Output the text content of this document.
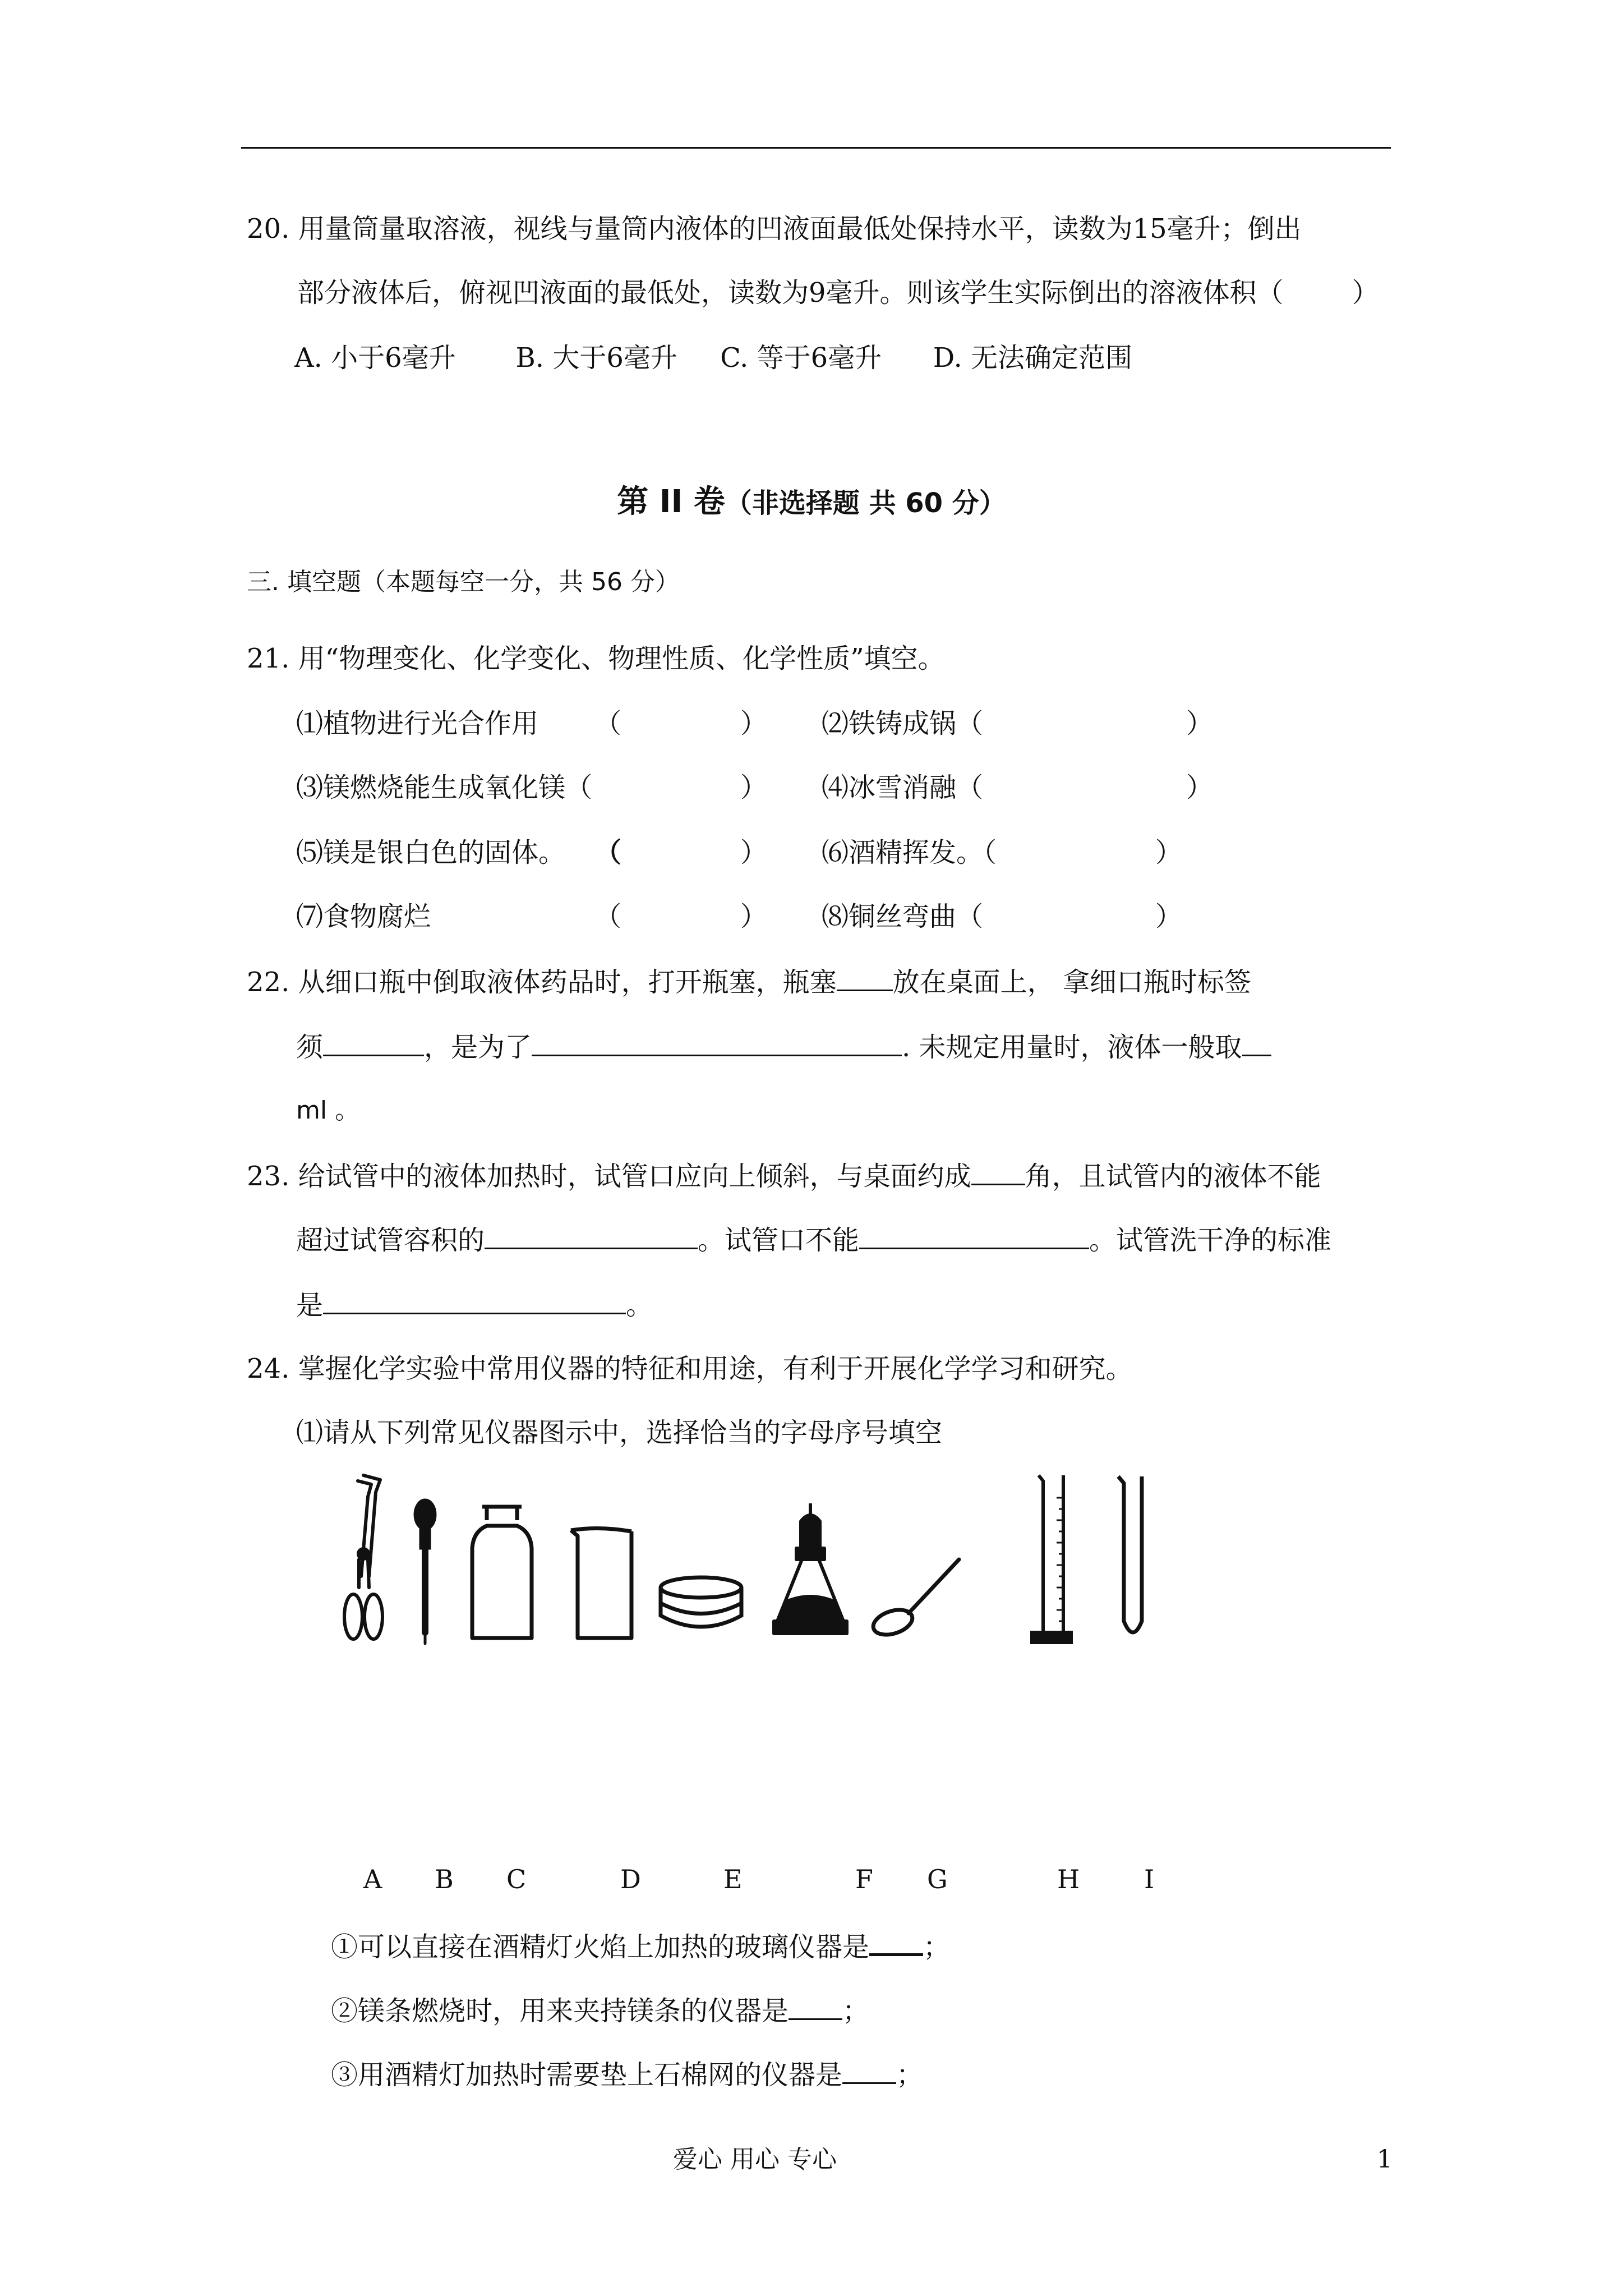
20. 用量筒量取溶液，视线与量筒内液体的凹液面最低处保持水平，读数为15毫升；倒出
部分液体后，俯视凹液面的最低处，读数为9毫升。则该学生实际倒出的溶液体积（        ）
A. 小于6毫升       B. 大于6毫升     C. 等于6毫升      D. 无法确定范围
第 II 卷（非选择题 共 60 分）
三. 填空题（本题每空一分，共 56 分）
21. 用“物理变化、化学变化、物理性质、化学性质”填空。
⑴植物进行光合作用 （	） ⑵铁铸成锅（	）
⑶镁燃烧能生成氧化镁（	） ⑷冰雪消融（	）
⑸镁是银白色的固体。 （	） ⑹酒精挥发。（	）
⑺食物腐烂	（	） ⑻铜丝弯曲（	）
22. 从细口瓶中倒取液体药品时，打开瓶塞，瓶塞 放在桌面上， 拿细口瓶时标签
须	，是为了	. 未规定用量时，液体一般取
ml 。
23. 给试管中的液体加热时，试管口应向上倾斜，与桌面约成 角，且试管内的液体不能
超过试管容积的	。试管口不能	。试管洗干净的标准
是	。
24. 掌握化学实验中常用仪器的特征和用途，有利于开展化学学习和研究。
⑴请从下列常见仪器图示中，选择恰当的字母序号填空
A B C	D	E	F G	H I
①可以直接在酒精灯火焰上加热的玻璃仪器是 ；
②镁条燃烧时，用来夹持镁条的仪器是 ；
③用酒精灯加热时需要垫上石棉网的仪器是 ；
爱心 用心 专心	1
